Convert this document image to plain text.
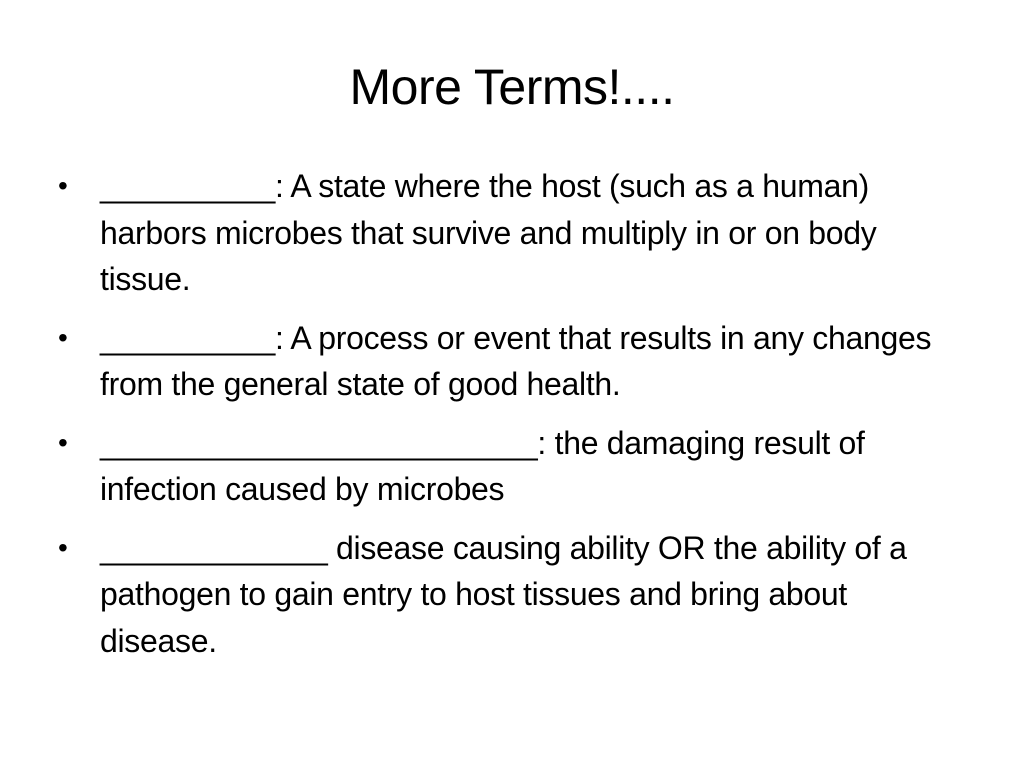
More Terms!....
•	__________: A state where the host (such as a human) harbors microbes that survive and multiply in or on body tissue.
•	__________: A process or event that results in any changes from the general state of good health.
•	_________________________: the damaging result of infection caused by microbes
•	_____________ disease causing ability OR the ability of a pathogen to gain entry to host tissues and bring about disease.
